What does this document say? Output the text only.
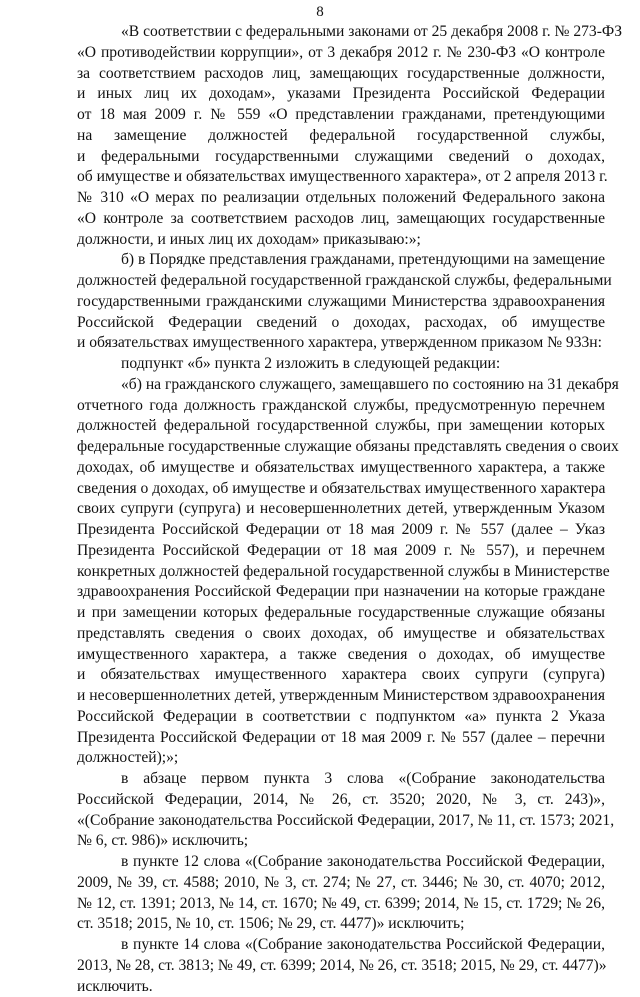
8
«В соответствии с федеральными законами от 25 декабря 2008 г. № 273-ФЗ
«О противодействии коррупции», от 3 декабря 2012 г. № 230-ФЗ «О контроле
за соответствием расходов лиц, замещающих государственные должности,
и иных лиц их доходам», указами Президента Российской Федерации
от 18 мая 2009 г. № 559 «О представлении гражданами, претендующими
на замещение должностей федеральной государственной службы,
и федеральными государственными служащими сведений о доходах,
об имуществе и обязательствах имущественного характера», от 2 апреля 2013 г.
№ 310 «О мерах по реализации отдельных положений Федерального закона
«О контроле за соответствием расходов лиц, замещающих государственные
должности, и иных лиц их доходам» приказываю:»;
б) в Порядке представления гражданами, претендующими на замещение
должностей федеральной государственной гражданской службы, федеральными
государственными гражданскими служащими Министерства здравоохранения
Российской Федерации сведений о доходах, расходах, об имуществе
и обязательствах имущественного характера, утвержденном приказом № 933н:
подпункт «б» пункта 2 изложить в следующей редакции:
«б) на гражданского служащего, замещавшего по состоянию на 31 декабря
отчетного года должность гражданской службы, предусмотренную перечнем
должностей федеральной государственной службы, при замещении которых
федеральные государственные служащие обязаны представлять сведения о своих
доходах, об имуществе и обязательствах имущественного характера, а также
сведения о доходах, об имуществе и обязательствах имущественного характера
своих супруги (супруга) и несовершеннолетних детей, утвержденным Указом
Президента Российской Федерации от 18 мая 2009 г. № 557 (далее – Указ
Президента Российской Федерации от 18 мая 2009 г. № 557), и перечнем
конкретных должностей федеральной государственной службы в Министерстве
здравоохранения Российской Федерации при назначении на которые граждане
и при замещении которых федеральные государственные служащие обязаны
представлять сведения о своих доходах, об имуществе и обязательствах
имущественного характера, а также сведения о доходах, об имуществе
и обязательствах имущественного характера своих супруги (супруга)
и несовершеннолетних детей, утвержденным Министерством здравоохранения
Российской Федерации в соответствии с подпунктом «а» пункта 2 Указа
Президента Российской Федерации от 18 мая 2009 г. № 557 (далее – перечни
должностей);»;
в абзаце первом пункта 3 слова «(Собрание законодательства
Российской Федерации, 2014, № 26, ст. 3520; 2020, № 3, ст. 243)»,
«(Собрание законодательства Российской Федерации, 2017, № 11, ст. 1573; 2021,
№ 6, ст. 986)» исключить;
в пункте 12 слова «(Собрание законодательства Российской Федерации,
2009, № 39, ст. 4588; 2010, № 3, ст. 274; № 27, ст. 3446; № 30, ст. 4070; 2012,
№ 12, ст. 1391; 2013, № 14, ст. 1670; № 49, ст. 6399; 2014, № 15, ст. 1729; № 26,
ст. 3518; 2015, № 10, ст. 1506; № 29, ст. 4477)» исключить;
в пункте 14 слова «(Собрание законодательства Российской Федерации,
2013, № 28, ст. 3813; № 49, ст. 6399; 2014, № 26, ст. 3518; 2015, № 29, ст. 4477)»
исключить.
